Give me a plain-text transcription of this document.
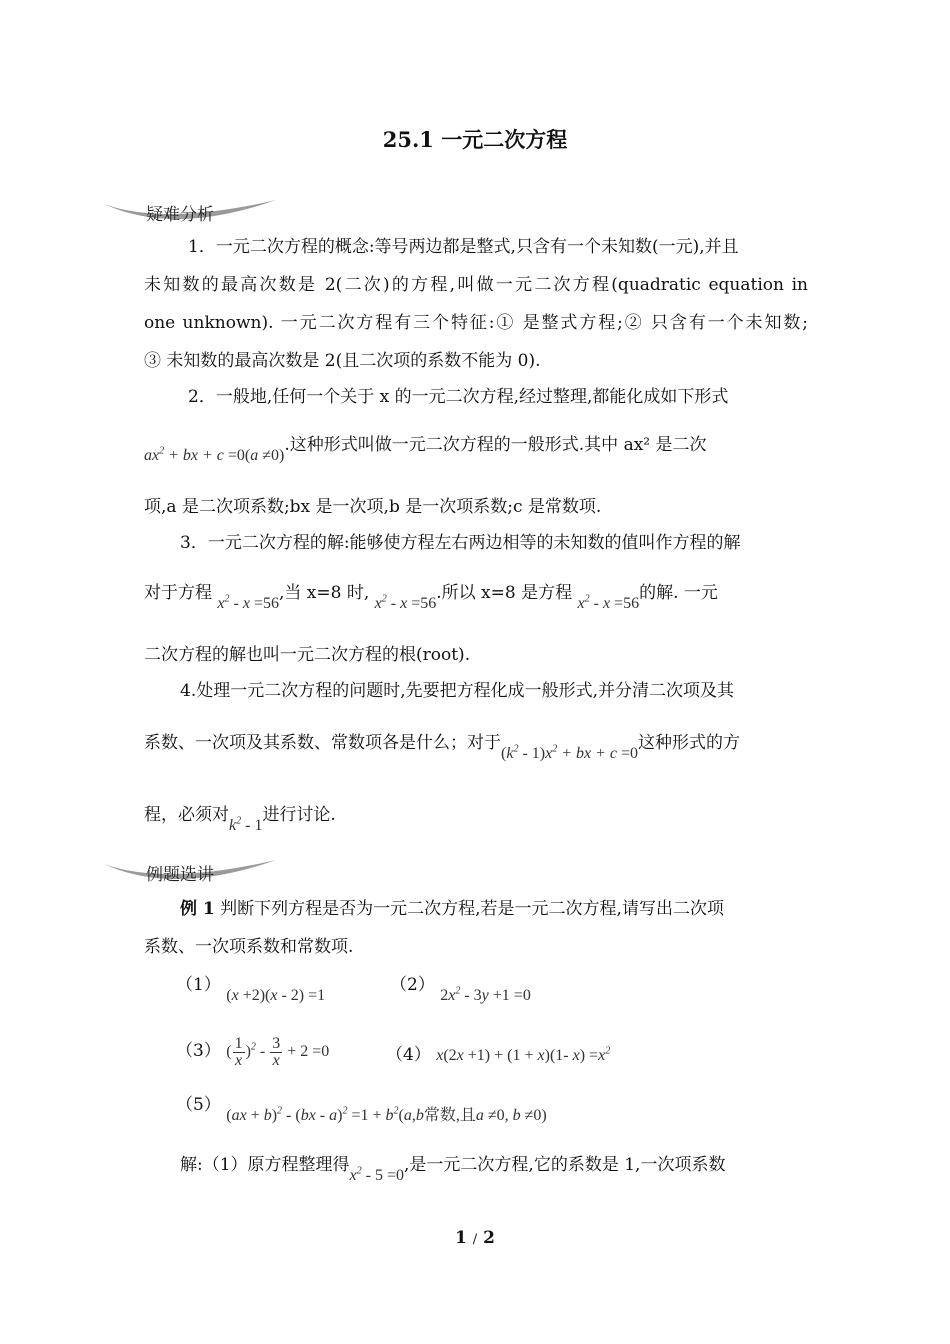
25.1 一元二次方程
疑难分析
1．一元二次方程的概念:等号两边都是整式,只含有一个未知数(一元),并且
未知数的最高次数是 2(二次)的方程,叫做一元二次方程(quadratic equation in
one unknown). 一元二次方程有三个特征:① 是整式方程;② 只含有一个未知数;
③ 未知数的最高次数是 2(且二次项的系数不能为 0).
2．一般地,任何一个关于 x 的一元二次方程,经过整理,都能化成如下形式
$ax^2$ + bx + c =0(a ≠0).这种形式叫做一元二次方程的一般形式.其中 ax² 是二次
项,a 是二次项系数;bx 是一次项,b 是一次项系数;c 是常数项.
3．一元二次方程的解:能够使方程左右两边相等的未知数的值叫作方程的解
对于方程 $x^2 - x =56$,当 x=8 时, $x^2 - x =56$.所以 x=8 是方程 $x^2 - x =56$的解. 一元
二次方程的解也叫一元二次方程的根(root).
4.处理一元二次方程的问题时,先要把方程化成一般形式,并分清二次项及其
系数、一次项及其系数、常数项各是什么；对于$(k^2 - 1)x^2$ + bx + c =0这种形式的方
程，必须对$k^2 - 1$进行讨论.
例题选讲
例 1 判断下列方程是否为一元二次方程,若是一元二次方程,请写出二次项
系数、一次项系数和常数项.
（1） (x +2)(x - 2) =1
（2） $2x^2 - 3y +1 =0$
（3） ( $\frac{1}{x} )^2 - \frac{3}{x} + 2 =0$	（4） x(2x +1) + (1 + x)(1- $x) =x^2$
（5） $(ax + b)^2 - (bx - a)^2 =1 + b^2(a,b$常数,且a ≠0, b ≠0)
解:（1）原方程整理得$x^2 - 5 =0$,是一元二次方程,它的系数是 1,一次项系数
1 / 2
